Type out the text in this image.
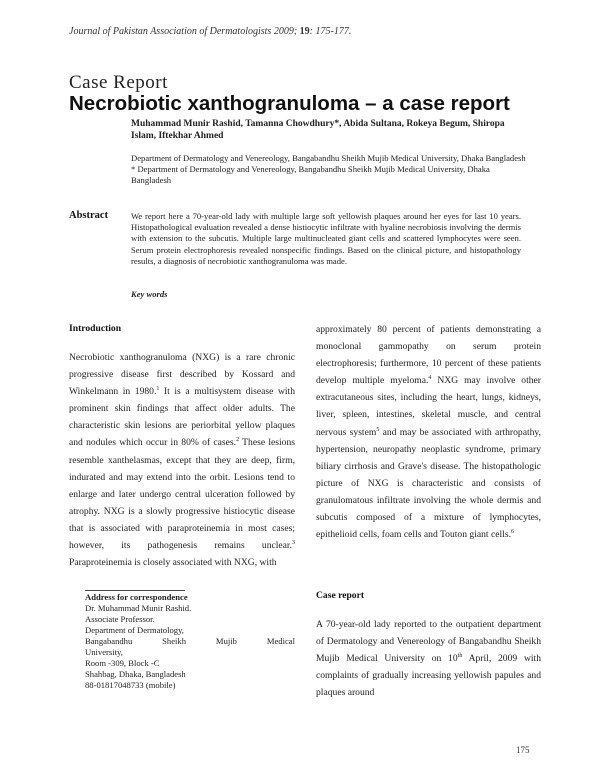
Journal of Pakistan Association of Dermatologists 2009; 19: 175-177.
Case Report
Necrobiotic xanthogranuloma – a case report
Muhammad Munir Rashid, Tamanna Chowdhury*, Abida Sultana, Rokeya Begum, Shiropa Islam, Iftekhar Ahmed
Department of Dermatology and Venereology, Bangabandhu Sheikh Mujib Medical University, Dhaka Bangladesh
* Department of Dermatology and Venereology, Bangabandhu Sheikh Mujib Medical University, Dhaka Bangladesh
Abstract	We report here a 70-year-old lady with multiple large soft yellowish plaques around her eyes for last 10 years. Histopathological evaluation revealed a dense histiocytic infiltrate with hyaline necrobiosis involving the dermis with extension to the subcutis. Multiple large multinucleated giant cells and scattered lymphocytes were seen. Serum protein electrophoresis revealed nonspecific findings. Based on the clinical picture, and histopathology results, a diagnosis of necrobiotic xanthogranuloma was made.
Key words
Introduction

Necrobiotic xanthogranuloma (NXG) is a rare chronic progressive disease first described by Kossard and Winkelmann in 1980.$^1$ It is a multisystem disease with prominent skin findings that affect older adults. The characteristic skin lesions are periorbital yellow plaques and nodules which occur in 80% of cases.$^2$ These lesions resemble xanthelasmas, except that they are deep, firm, indurated and may extend into the orbit. Lesions tend to enlarge and later undergo central ulceration followed by atrophy. NXG is a slowly progressive histiocytic disease that is associated with paraproteinemia in most cases; however, its pathogenesis remains unclear.$^3$ Paraproteinemia is closely associated with NXG, with

Address for correspondence
Dr. Muhammad Munir Rashid.
Associate Professor.
Department of Dermatology,
Bangabandhu	Sheikh	Mujib	Medical
University,
Room -309, Block -C
Shahbag, Dhaka, Bangladesh
88-01817048733 (mobile)

approximately 80 percent of patients demonstrating a monoclonal gammopathy on serum protein electrophoresis; furthermore, 10 percent of these patients develop multiple myeloma.$^4$ NXG may involve other extracutaneous sites, including the heart, lungs, kidneys, liver, spleen, intestines, skeletal muscle, and central nervous system$^5$ and may be associated with arthropathy, hypertension, neuropathy neoplastic syndrome, primary biliary cirrhosis and Grave's disease. The histopathologic picture of NXG is characteristic and consists of granulomatous infiltrate involving the whole dermis and subcutis composed of a mixture of lymphocytes, epithelioid cells, foam cells and Touton giant cells.$^6$

Case report

A 70-year-old lady reported to the outpatient department of Dermatology and Venereology of Bangabandhu Sheikh Mujib Medical University on 10th April, 2009 with complaints of gradually increasing yellowish papules and plaques around

175
